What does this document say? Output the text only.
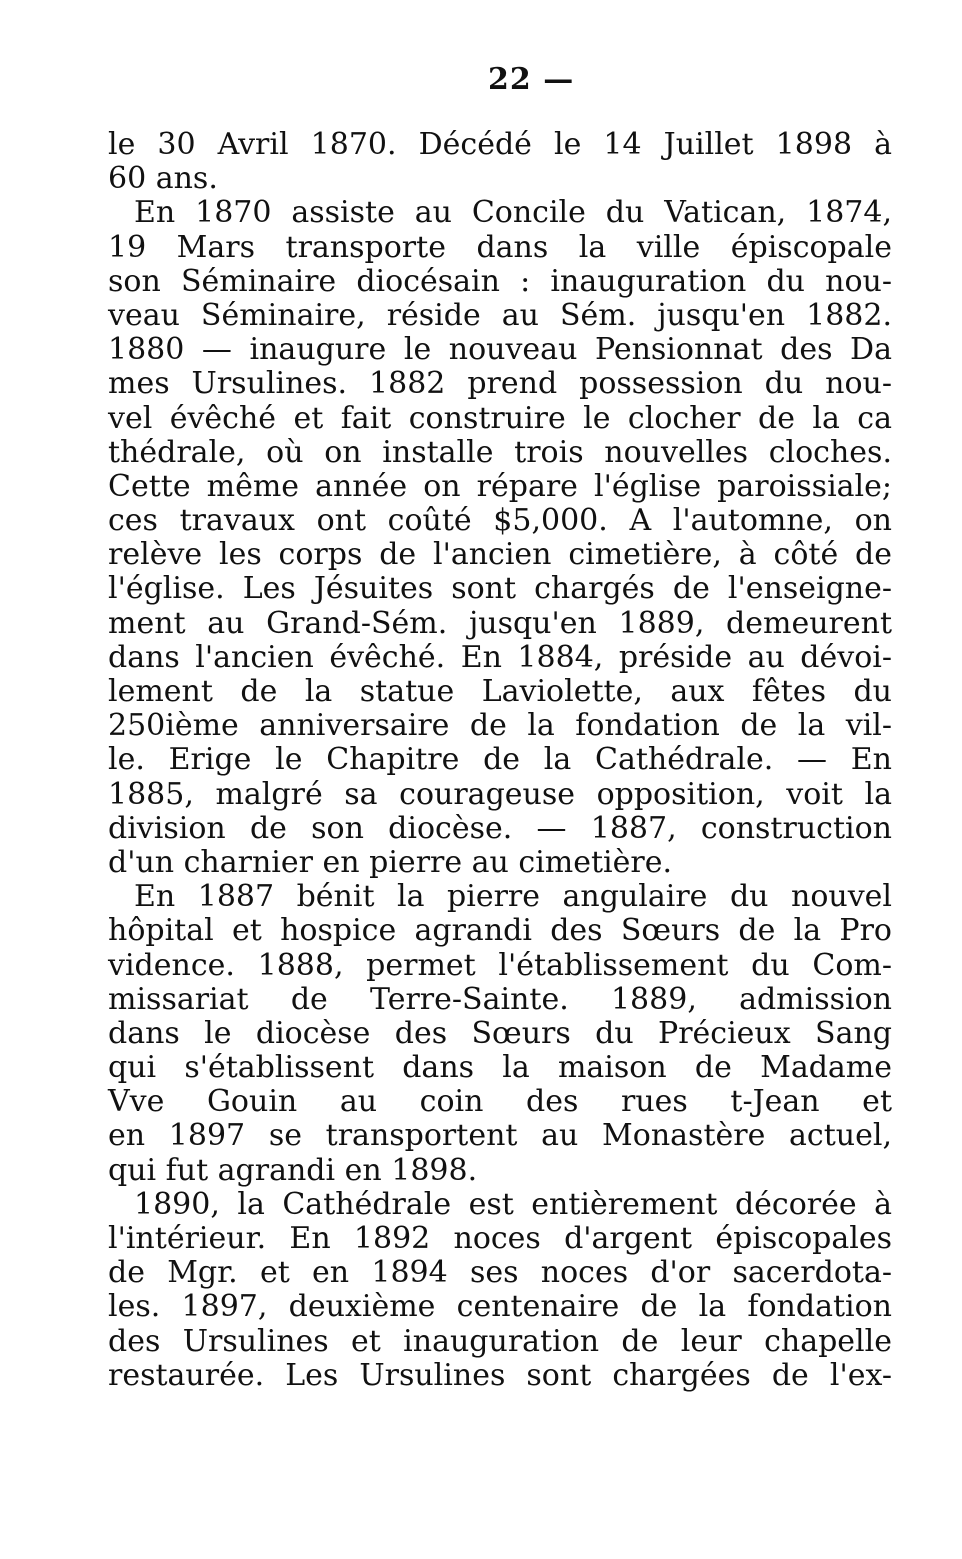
22 —
le 30 Avril 1870. Décédé le 14 Juillet 1898 à
60 ans.
En 1870 assiste au Concile du Vatican, 1874,
19 Mars transporte dans la ville épiscopale
son Séminaire diocésain : inauguration du nou-
veau Séminaire, réside au Sém. jusqu'en 1882.
1880 — inaugure le nouveau Pensionnat des Da
mes Ursulines. 1882 prend possession du nou-
vel évêché et fait construire le clocher de la ca
thédrale, où on installe trois nouvelles cloches.
Cette même année on répare l'église paroissiale;
ces travaux ont coûté $5,000. A l'automne, on
relève les corps de l'ancien cimetière, à côté de
l'église. Les Jésuites sont chargés de l'enseigne-
ment au Grand-Sém. jusqu'en 1889, demeurent
dans l'ancien évêché. En 1884, préside au dévoi-
lement de la statue Laviolette, aux fêtes du
250ième anniversaire de la fondation de la vil-
le. Erige le Chapitre de la Cathédrale. — En
1885, malgré sa courageuse opposition, voit la
division de son diocèse. — 1887, construction
d'un charnier en pierre au cimetière.
En 1887 bénit la pierre angulaire du nouvel
hôpital et hospice agrandi des Sœurs de la Pro
vidence. 1888, permet l'établissement du Com-
missariat de Terre-Sainte. 1889, admission
dans le diocèse des Sœurs du Précieux Sang
qui s'établissent dans la maison de Madame
Vve Gouin au coin des rues t-Jean et
en 1897 se transportent au Monastère actuel,
qui fut agrandi en 1898.
1890, la Cathédrale est entièrement décorée à
l'intérieur. En 1892 noces d'argent épiscopales
de Mgr. et en 1894 ses noces d'or sacerdota-
les. 1897, deuxième centenaire de la fondation
des Ursulines et inauguration de leur chapelle
restaurée. Les Ursulines sont chargées de l'ex-
